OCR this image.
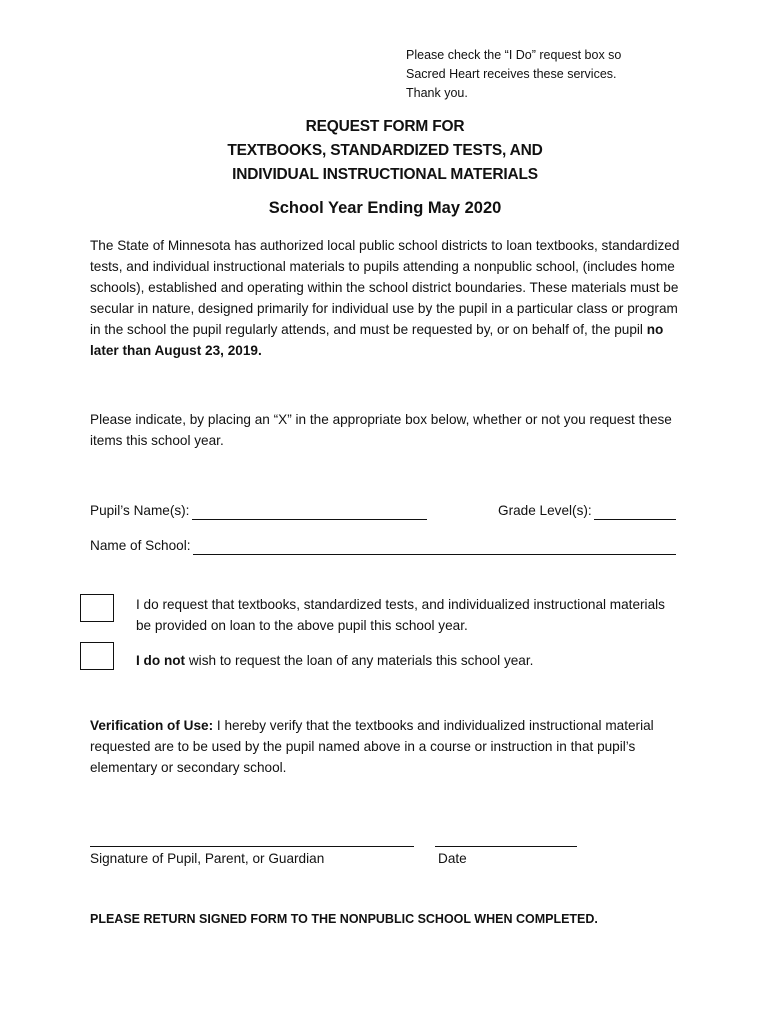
Please check the “I Do” request box so
Sacred Heart receives these services.
Thank you.
REQUEST FORM FOR
TEXTBOOKS, STANDARDIZED TESTS, AND
INDIVIDUAL INSTRUCTIONAL MATERIALS
School Year Ending May 2020
The State of Minnesota has authorized local public school districts to loan textbooks, standardized tests, and individual instructional materials to pupils attending a nonpublic school, (includes home schools), established and operating within the school district boundaries. These materials must be secular in nature, designed primarily for individual use by the pupil in a particular class or program in the school the pupil regularly attends, and must be requested by, or on behalf of, the pupil no later than August 23, 2019.
Please indicate, by placing an “X” in the appropriate box below, whether or not you request these items this school year.
Pupil’s Name(s):	Grade Level(s):
Name of School:
I do request that textbooks, standardized tests, and individualized instructional materials be provided on loan to the above pupil this school year.
I do not wish to request the loan of any materials this school year.
Verification of Use: I hereby verify that the textbooks and individualized instructional material requested are to be used by the pupil named above in a course or instruction in that pupil’s elementary or secondary school.
Signature of Pupil, Parent, or Guardian	Date
PLEASE RETURN SIGNED FORM TO THE NONPUBLIC SCHOOL WHEN COMPLETED.
